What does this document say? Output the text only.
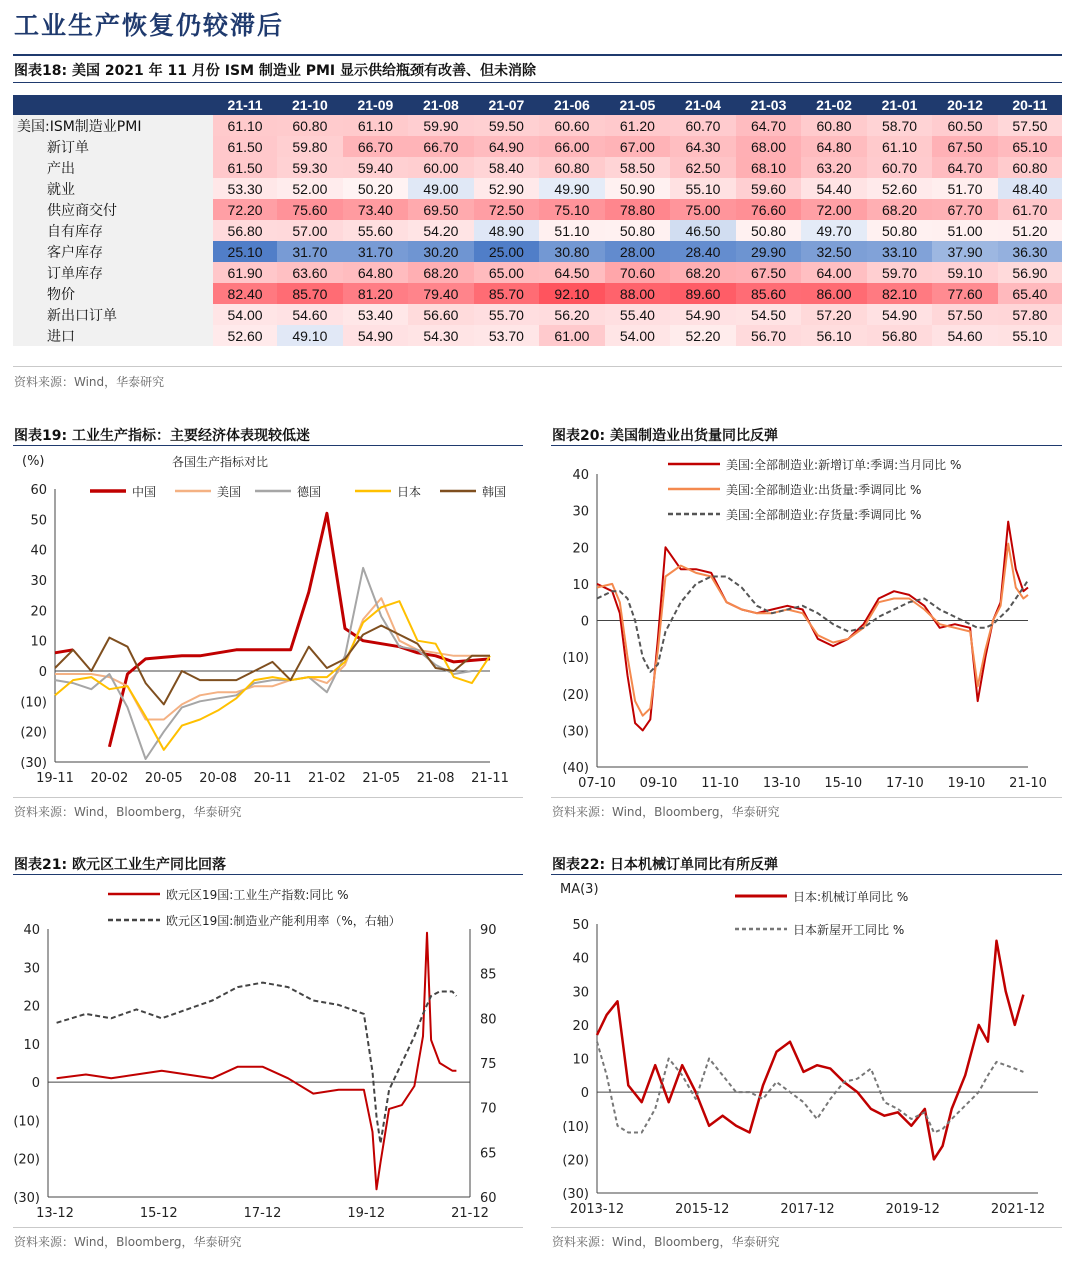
工业生产恢复仍较滞后
图表18: 美国 2021 年 11 月份 ISM 制造业 PMI 显示供给瓶颈有改善、但未消除
	21-11	21-10	21-09	21-08	21-07	21-06	21-05	21-04	21-03	21-02	21-01	20-12	20-11
美国:ISM制造业PMI	61.10	60.80	61.10	59.90	59.50	60.60	61.20	60.70	64.70	60.80	58.70	60.50	57.50
新订单	61.50	59.80	66.70	66.70	64.90	66.00	67.00	64.30	68.00	64.80	61.10	67.50	65.10
产出	61.50	59.30	59.40	60.00	58.40	60.80	58.50	62.50	68.10	63.20	60.70	64.70	60.80
就业	53.30	52.00	50.20	49.00	52.90	49.90	50.90	55.10	59.60	54.40	52.60	51.70	48.40
供应商交付	72.20	75.60	73.40	69.50	72.50	75.10	78.80	75.00	76.60	72.00	68.20	67.70	61.70
自有库存	56.80	57.00	55.60	54.20	48.90	51.10	50.80	46.50	50.80	49.70	50.80	51.00	51.20
客户库存	25.10	31.70	31.70	30.20	25.00	30.80	28.00	28.40	29.90	32.50	33.10	37.90	36.30
订单库存	61.90	63.60	64.80	68.20	65.00	64.50	70.60	68.20	67.50	64.00	59.70	59.10	56.90
物价	82.40	85.70	81.20	79.40	85.70	92.10	88.00	89.60	85.60	86.00	82.10	77.60	65.40
新出口订单	54.00	54.60	53.40	56.60	55.70	56.20	55.40	54.90	54.50	57.20	54.90	57.50	57.80
进口	52.60	49.10	54.90	54.30	53.70	61.00	54.00	52.20	56.70	56.10	56.80	54.60	55.10
资料来源：Wind，华泰研究
图表19: 工业生产指标：主要经济体表现较低迷	图表20: 美国制造业出货量同比反弹
60
50
40
30
20
10
0
(10)
(20)
(30)
19-11 20-02 20-05 20-08 20-11 21-02 21-05 21-08 21-11
(%)	各国生产指标对比
中国	美国	德国	日本	韩国
40
30
20
10
0
(10)
(20)
(30)
(40)
07-10 09-10 11-10 13-10 15-10 17-10 19-10 21-10
美国:全部制造业:新增订单:季调:当月同比 %
美国:全部制造业:出货量:季调同比 %
美国:全部制造业:存货量:季调同比 %
资料来源：Wind，Bloomberg，华泰研究	资料来源：Wind，Bloomberg，华泰研究
图表21: 欧元区工业生产同比回落	图表22: 日本机械订单同比有所反弹
40
30
20
10
0
(10)
(20)
(30)
90
85
80
75
70
65
60
13-12	15-12	17-12	19-12	21-12
欧元区19国:工业生产指数:同比 %
欧元区19国:制造业产能利用率（%，右轴）	50
40
30
20
10
0
(10)
(20)
(30)
2013-12	2015-12	2017-12	2019-12	2021-12
MA(3)	日本:机械订单同比 %
日本新屋开工同比 %
资料来源：Wind，Bloomberg，华泰研究	资料来源：Wind，Bloomberg，华泰研究
